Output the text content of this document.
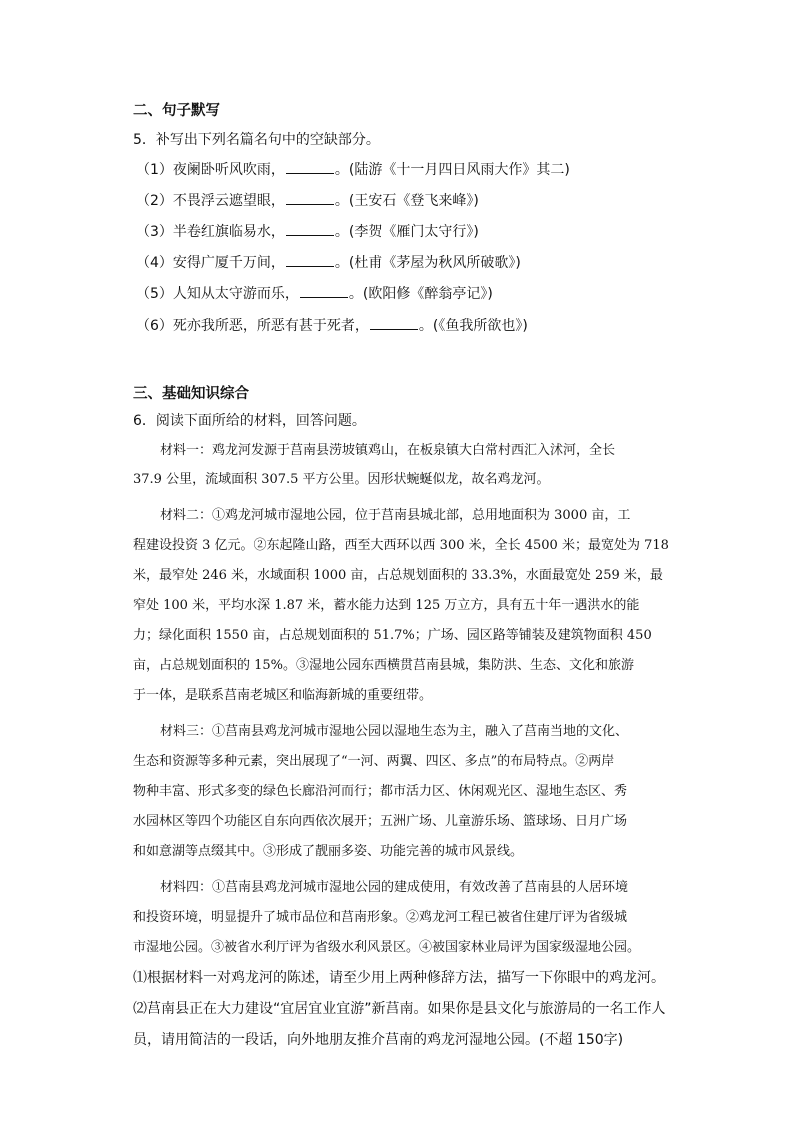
二、句子默写
5．补写出下列名篇名句中的空缺部分。
（1）夜阑卧听风吹雨，	。(陆游《十一月四日风雨大作》其二)
（2）不畏浮云遮望眼，	。(王安石《登飞来峰》)
（3）半卷红旗临易水，	。(李贺《雁门太守行》)
（4）安得广厦千万间，	。(杜甫《茅屋为秋风所破歌》)
（5）人知从太守游而乐，	。(欧阳修《醉翁亭记》)
（6）死亦我所恶，所恶有甚于死者，	。(《鱼我所欲也》)
三、基础知识综合
6．阅读下面所给的材料，回答问题。
材料一：鸡龙河发源于莒南县涝坡镇鸡山，在板泉镇大白常村西汇入沭河，全长
37.9 公里，流域面积 307.5 平方公里。因形状蜿蜒似龙，故名鸡龙河。
材料二：①鸡龙河城市湿地公园，位于莒南县城北部，总用地面积为 3000 亩，工
程建设投资 3 亿元。②东起隆山路，西至大西环以西 300 米，全长 4500 米；最宽处为 718
米，最窄处 246 米，水域面积 1000 亩，占总规划面积的 33.3%，水面最宽处 259 米，最
窄处 100 米，平均水深 1.87 米，蓄水能力达到 125 万立方，具有五十年一遇洪水的能
力；绿化面积 1550 亩，占总规划面积的 51.7%；广场、园区路等铺装及建筑物面积 450
亩，占总规划面积的 15%。③湿地公园东西横贯莒南县城，集防洪、生态、文化和旅游
于一体，是联系莒南老城区和临海新城的重要纽带。
材料三：①莒南县鸡龙河城市湿地公园以湿地生态为主，融入了莒南当地的文化、
生态和资源等多种元素，突出展现了“一河、两翼、四区、多点”的布局特点。②两岸
物种丰富、形式多变的绿色长廊沿河而行；都市活力区、休闲观光区、湿地生态区、秀
水园林区等四个功能区自东向西依次展开；五洲广场、儿童游乐场、篮球场、日月广场
和如意湖等点缀其中。③形成了靓丽多姿、功能完善的城市风景线。
材料四：①莒南县鸡龙河城市湿地公园的建成使用，有效改善了莒南县的人居环境
和投资环境，明显提升了城市品位和莒南形象。②鸡龙河工程已被省住建厅评为省级城
市湿地公园。③被省水利厅评为省级水利风景区。④被国家林业局评为国家级湿地公园。
⑴根据材料一对鸡龙河的陈述，请至少用上两种修辞方法，描写一下你眼中的鸡龙河。
⑵莒南县正在大力建设“宜居宜业宜游”新莒南。如果你是县文化与旅游局的一名工作人
员，请用简洁的一段话，向外地朋友推介莒南的鸡龙河湿地公园。(不超 150字)
